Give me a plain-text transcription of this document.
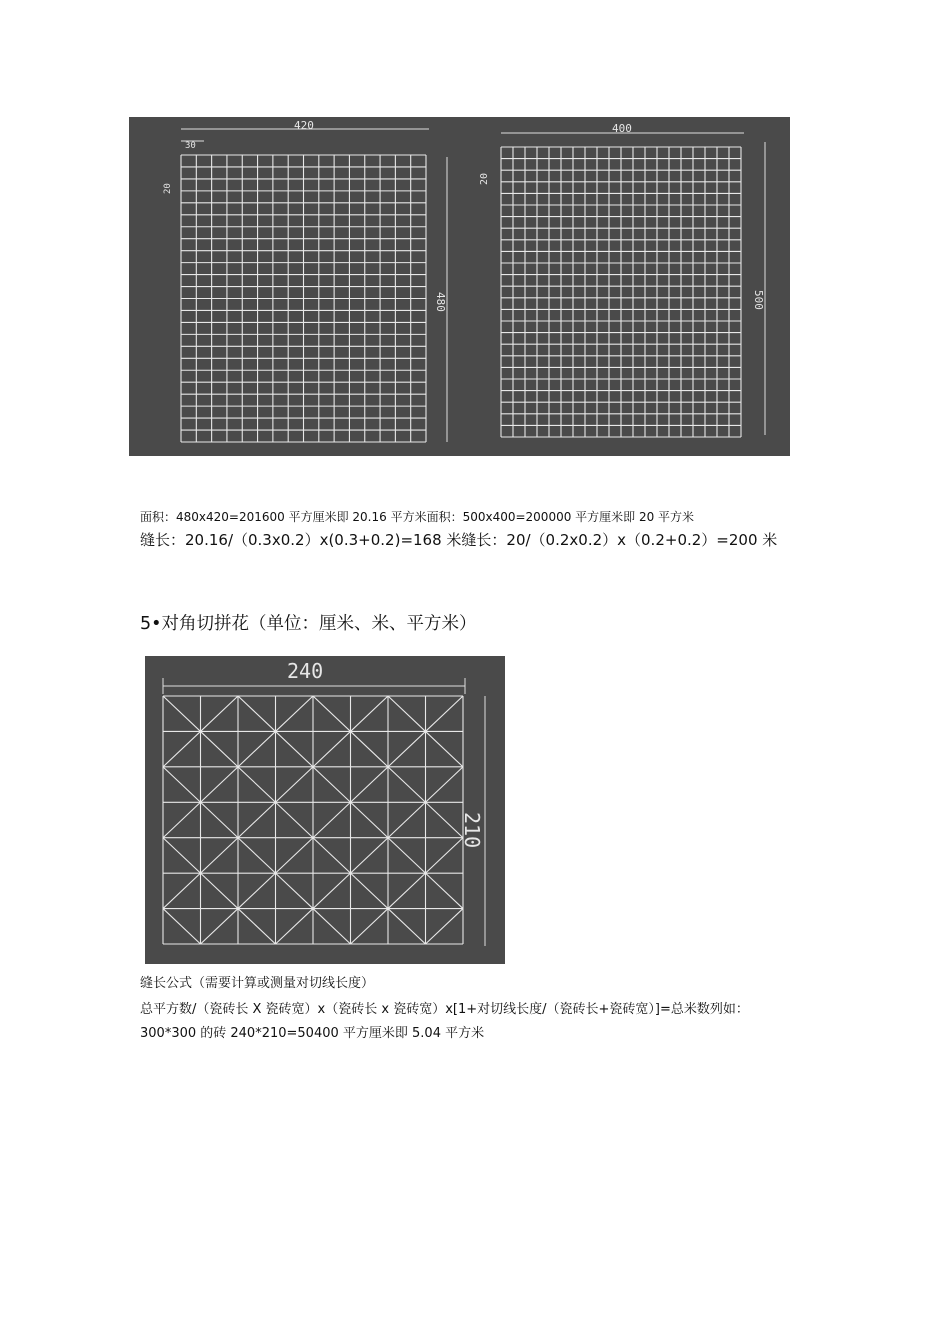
420
30
20
480
400
20
500
面积：480x420=201600 平方厘米即 20.16 平方米面积：500x400=200000 平方厘米即 20 平方米
缝长：20.16/（0.3x0.2）x(0.3+0.2)=168 米缝长：20/（0.2x0.2）x（0.2+0.2）=200 米
5•对角切拼花（单位：厘米、米、平方米）
240
210
缝长公式（需要计算或测量对切线长度）
总平方数/（瓷砖长 X 瓷砖宽）x（瓷砖长 x 瓷砖宽）x[1+对切线长度/（瓷砖长+瓷砖宽）]=总米数列如：
300*300 的砖 240*210=50400 平方厘米即 5.04 平方米
